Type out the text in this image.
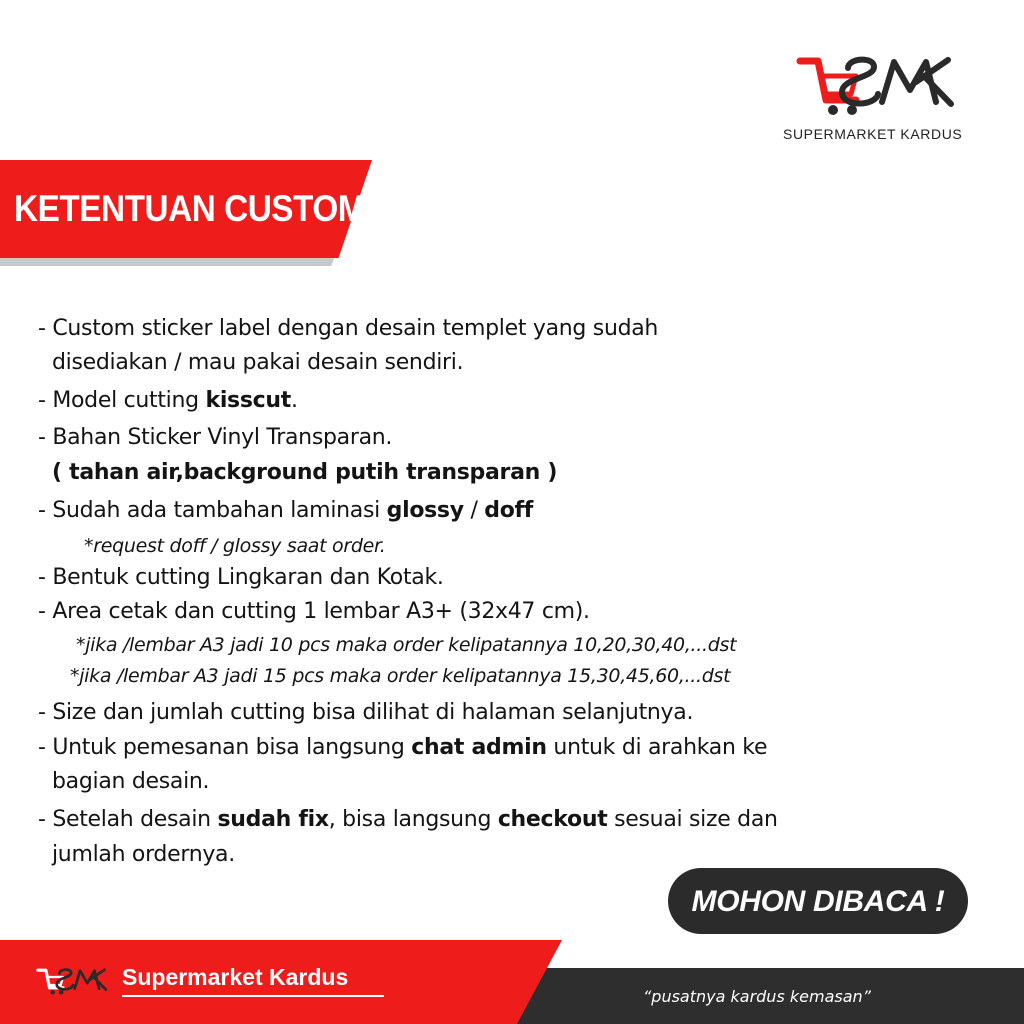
SUPERMARKET KARDUS
KETENTUAN CUSTOM
- Custom sticker label dengan desain templet yang sudah
disediakan / mau pakai desain sendiri.
- Model cutting kisscut.
- Bahan Sticker Vinyl Transparan.
( tahan air,background putih transparan )
- Sudah ada tambahan laminasi glossy / doff
*request doff / glossy saat order.
- Bentuk cutting Lingkaran dan Kotak.
- Area cetak dan cutting 1 lembar A3+ (32x47 cm).
*jika /lembar A3 jadi 10 pcs maka order kelipatannya 10,20,30,40,...dst
*jika /lembar A3 jadi 15 pcs maka order kelipatannya 15,30,45,60,...dst
- Size dan jumlah cutting bisa dilihat di halaman selanjutnya.
- Untuk pemesanan bisa langsung chat admin untuk di arahkan ke
bagian desain.
- Setelah desain sudah fix, bisa langsung checkout sesuai size dan
jumlah ordernya.
MOHON DIBACA !
Supermarket Kardus
“pusatnya kardus kemasan”
